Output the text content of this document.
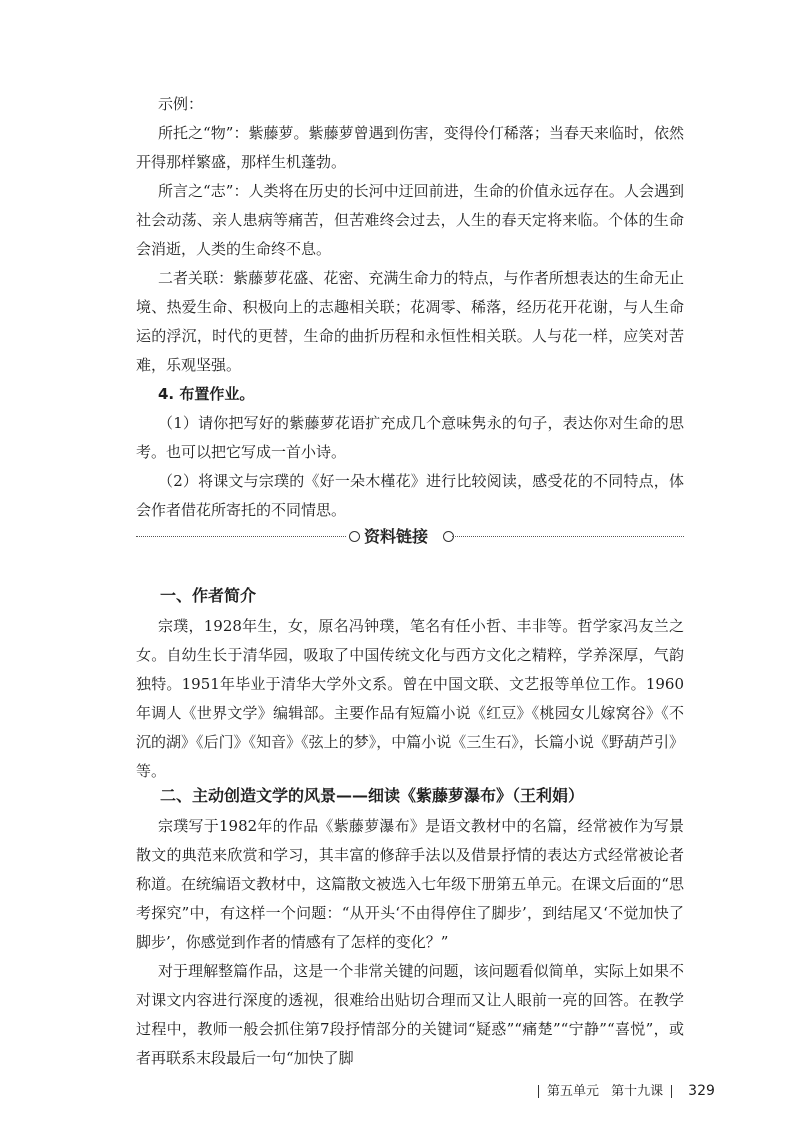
示例：

所托之“物”：紫藤萝。紫藤萝曾遇到伤害，变得伶仃稀落；当春天来临时，依然开得那样繁盛，那样生机蓬勃。

所言之“志”：人类将在历史的长河中迂回前进，生命的价值永远存在。人会遇到社会动荡、亲人患病等痛苦，但苦难终会过去，人生的春天定将来临。个体的生命会消逝，人类的生命终不息。

二者关联：紫藤萝花盛、花密、充满生命力的特点，与作者所想表达的生命无止境、热爱生命、积极向上的志趣相关联；花凋零、稀落，经历花开花谢，与人生命运的浮沉，时代的更替，生命的曲折历程和永恒性相关联。人与花一样，应笑对苦难，乐观坚强。

4. 布置作业。

（1）请你把写好的紫藤萝花语扩充成几个意味隽永的句子，表达你对生命的思考。也可以把它写成一首小诗。

（2）将课文与宗璞的《好一朵木槿花》进行比较阅读，感受花的不同特点，体会作者借花所寄托的不同情思。

资料链接
一、作者简介

宗璞，1928年生，女，原名冯钟璞，笔名有任小哲、丰非等。哲学家冯友兰之女。自幼生长于清华园，吸取了中国传统文化与西方文化之精粹，学养深厚，气韵独特。1951年毕业于清华大学外文系。曾在中国文联、文艺报等单位工作。1960年调人《世界文学》编辑部。主要作品有短篇小说《红豆》《桃园女儿嫁窝谷》《不沉的湖》《后门》《知音》《弦上的梦》，中篇小说《三生石》，长篇小说《野葫芦引》等。

二、主动创造文学的风景——细读《紫藤萝瀑布》（王利娟）

宗璞写于1982年的作品《紫藤萝瀑布》是语文教材中的名篇，经常被作为写景散文的典范来欣赏和学习，其丰富的修辞手法以及借景抒情的表达方式经常被论者称道。在统编语文教材中，这篇散文被选入七年级下册第五单元。在课文后面的“思考探究”中，有这样一个问题：“从开头‘不由得停住了脚步’，到结尾又‘不觉加快了脚步’，你感觉到作者的情感有了怎样的变化？”

对于理解整篇作品，这是一个非常关键的问题，该问题看似简单，实际上如果不对课文内容进行深度的透视，很难给出贴切合理而又让人眼前一亮的回答。在教学过程中，教师一般会抓住第7段抒情部分的关键词“疑惑”“痛楚”“宁静”“喜悦”，或者再联系末段最后一句“加快了脚

第五单元 第十九课 329
